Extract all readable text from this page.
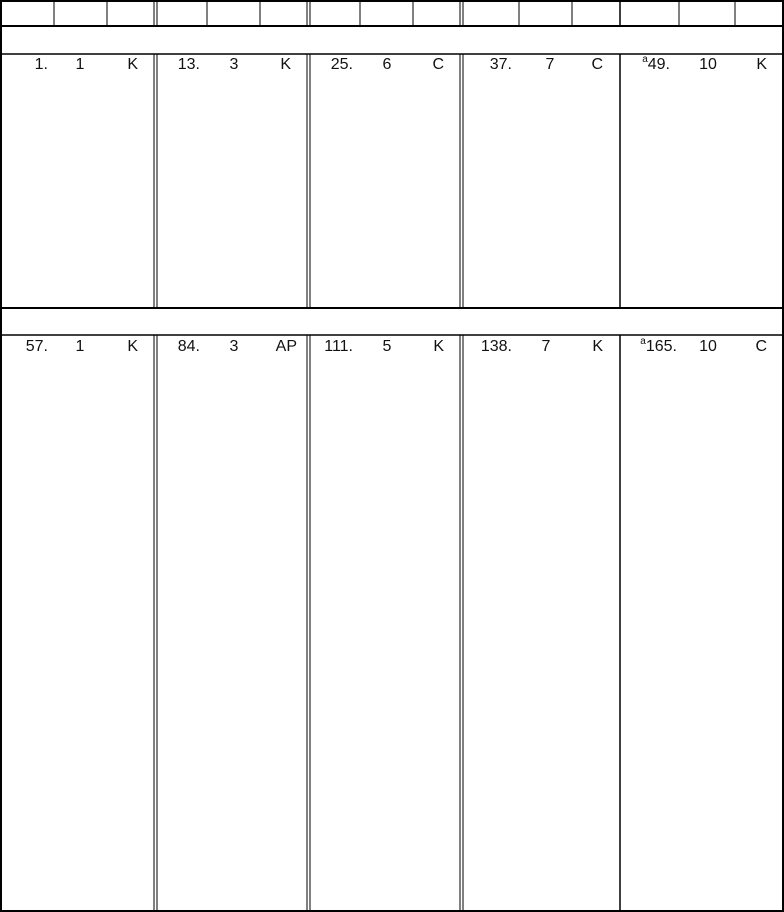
1.	1	K	13.	3	K	25.	6	C	37.	7	C	$^a$49.	10	K
57.	1	K	84.	3	AP	111.	5	K	138.	7	K	$^a$165.	10	C
